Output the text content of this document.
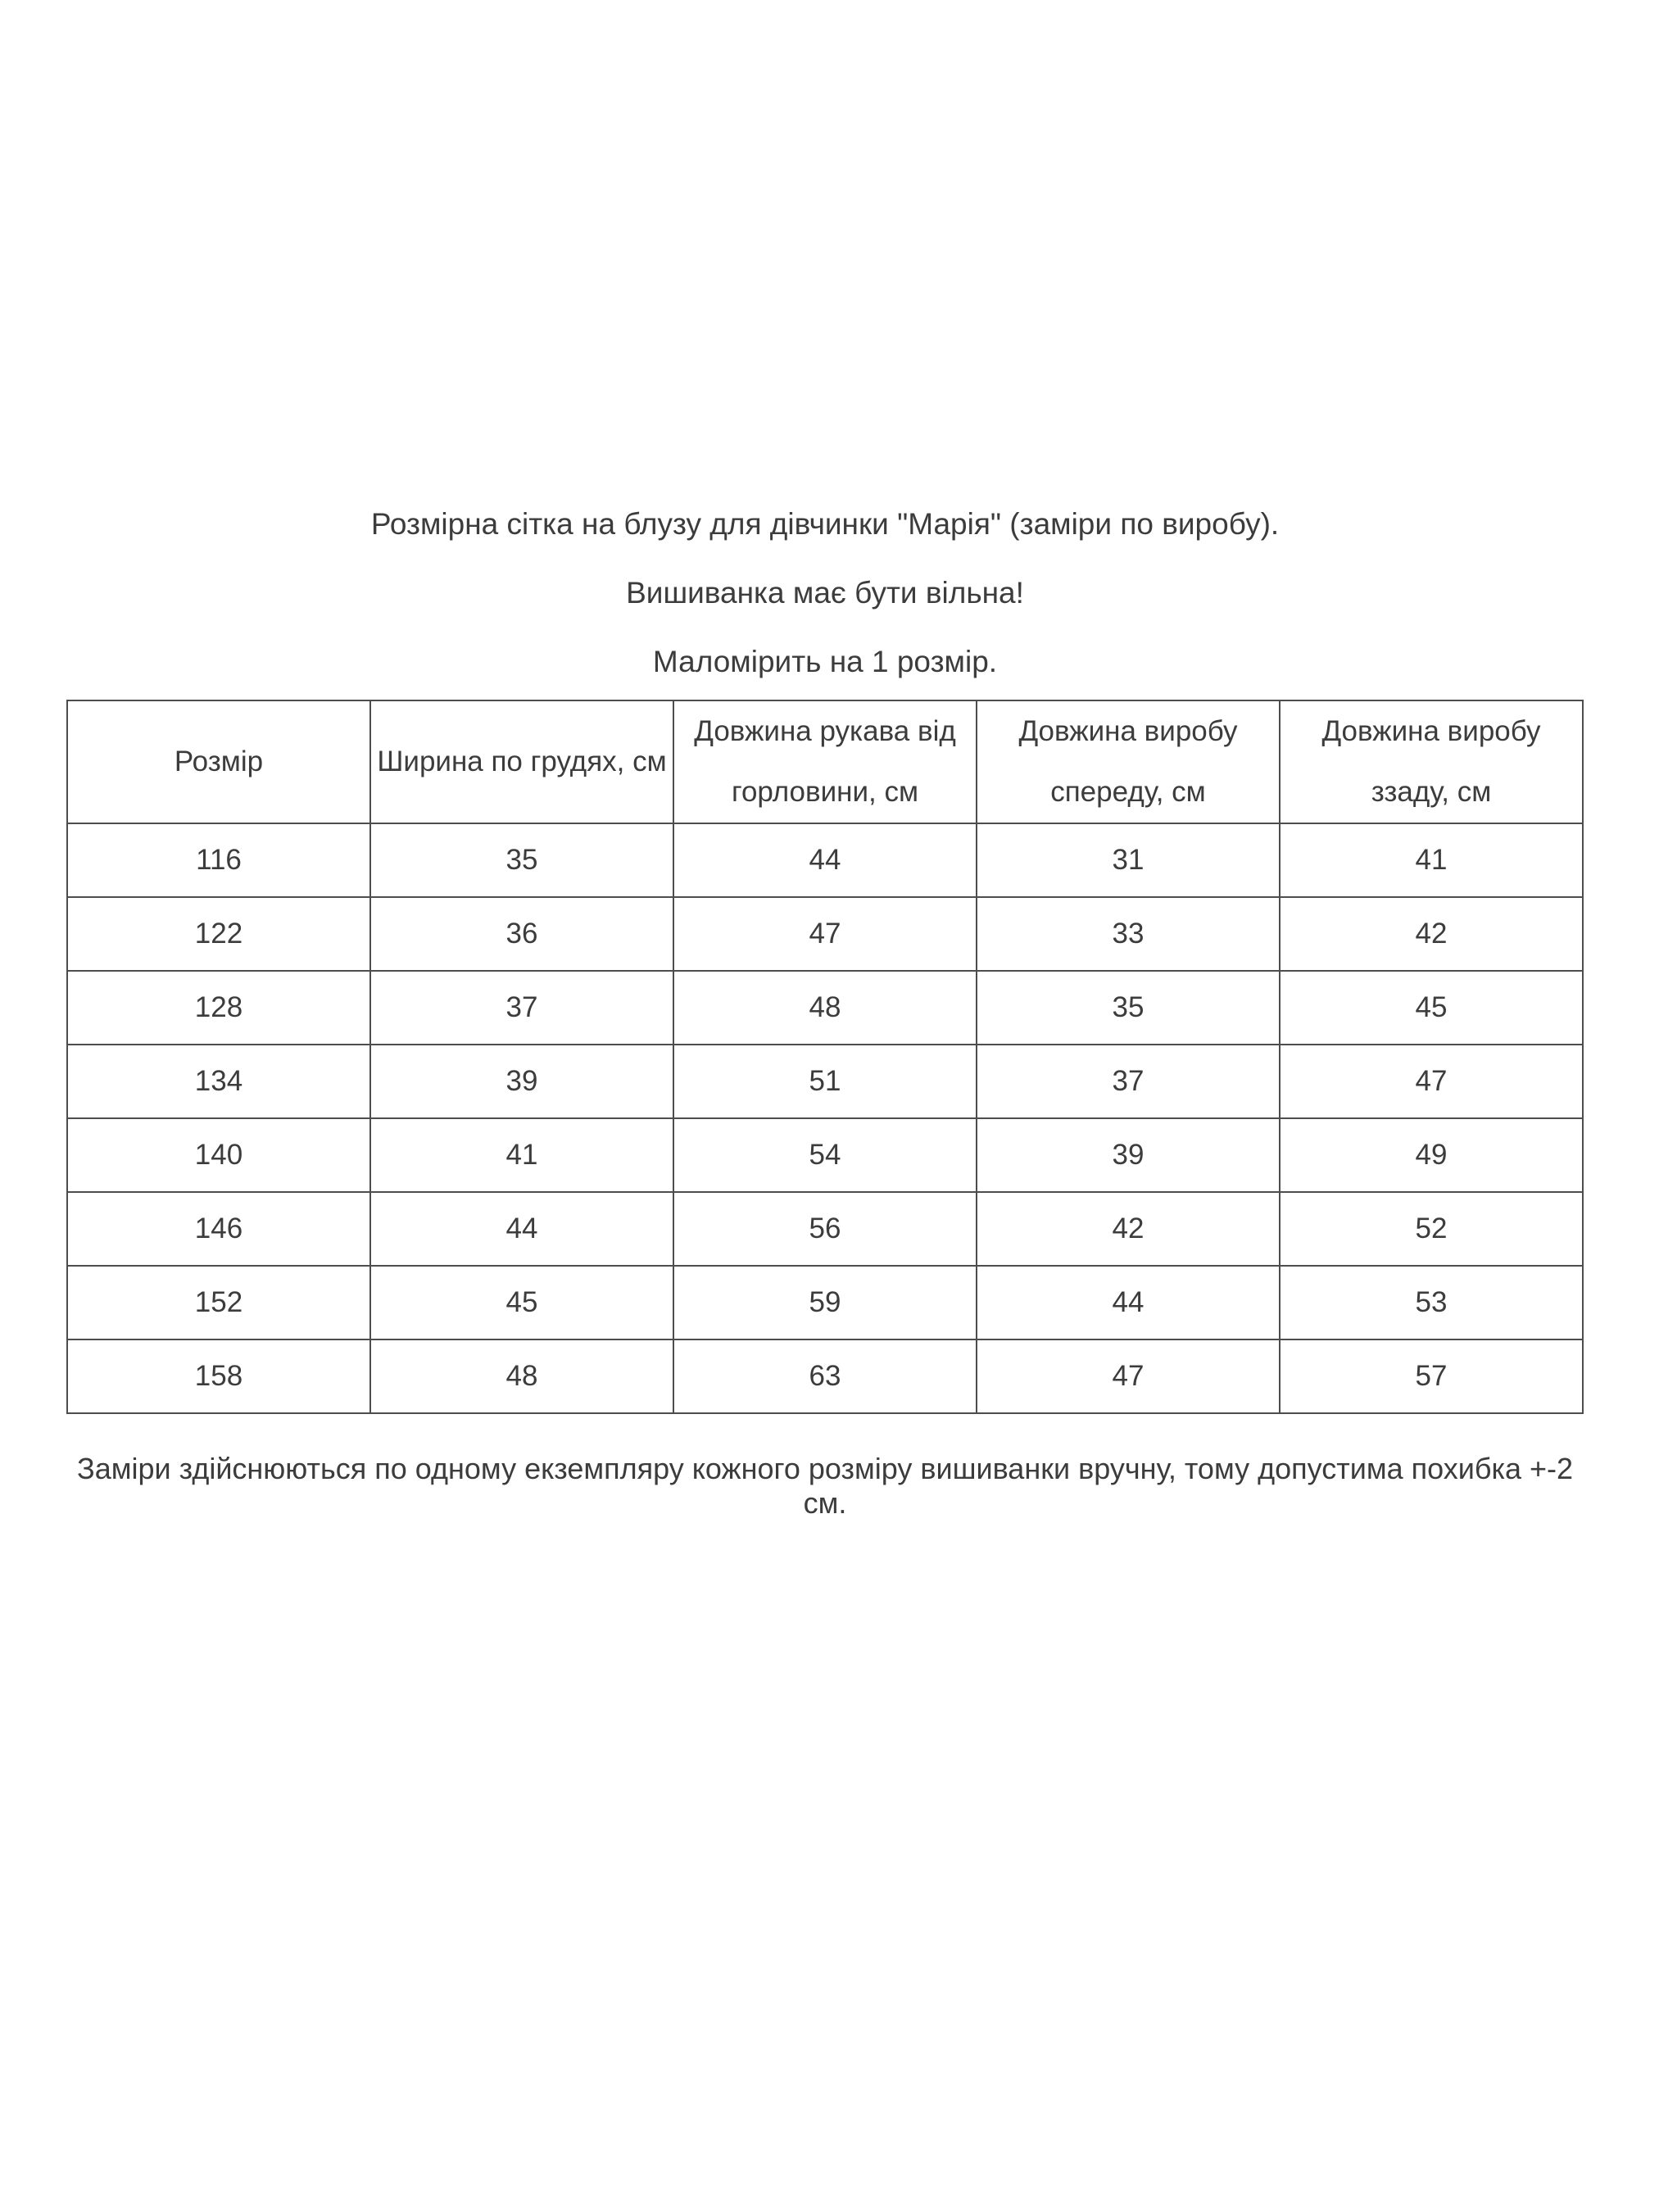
Розмірна сітка на блузу для дівчинки "Марія" (заміри по виробу).

Вишиванка має бути вільна!

Маломірить на 1 розмір.

Розмір	Ширина по грудях, см	Довжина рукава від горловини, см	Довжина виробу спереду, см	Довжина виробу ззаду, см
116	35	44	31	41
122	36	47	33	42
128	37	48	35	45
134	39	51	37	47
140	41	54	39	49
146	44	56	42	52
152	45	59	44	53
158	48	63	47	57

Заміри здійснюються по одному екземпляру кожного розміру вишиванки вручну, тому допустима похибка +-2 см.
